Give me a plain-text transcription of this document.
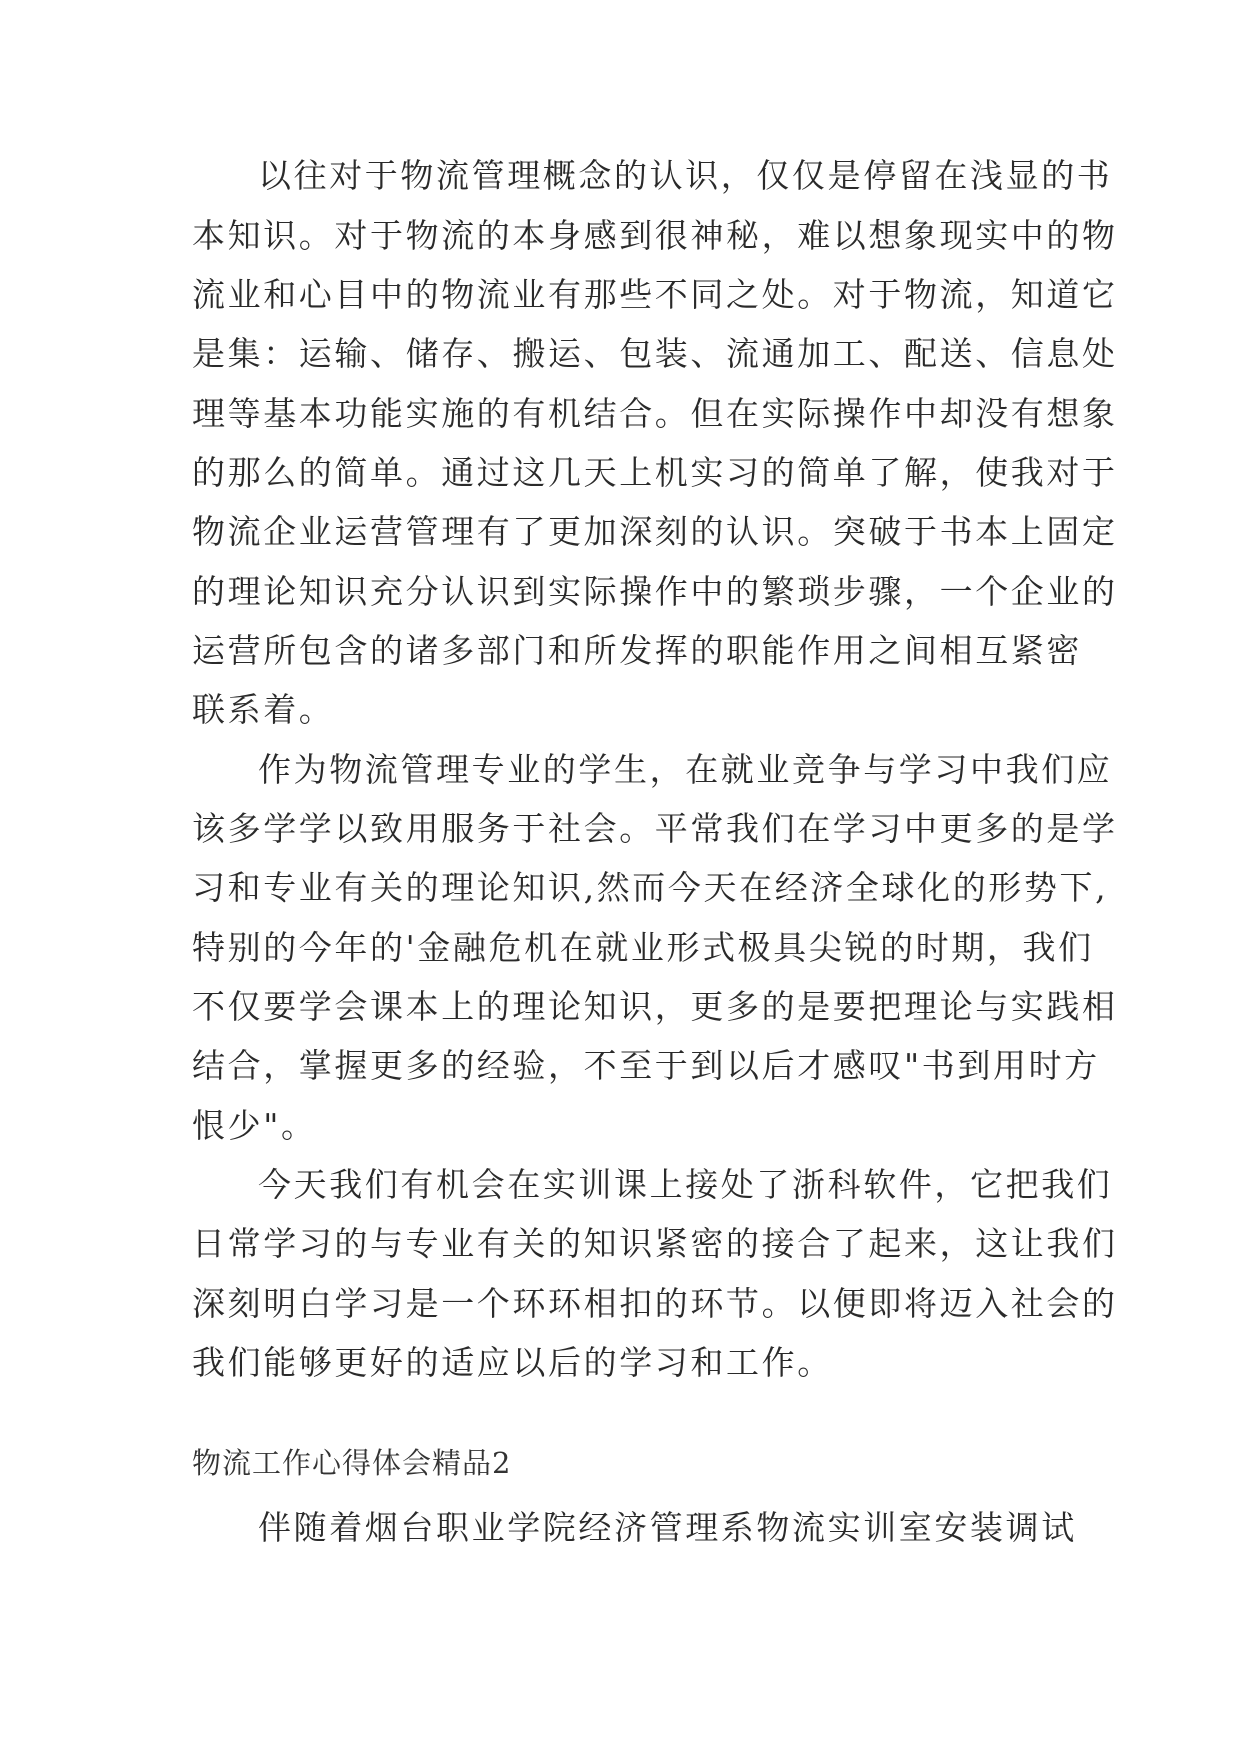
以往对于物流管理概念的认识，仅仅是停留在浅显的书
本知识。对于物流的本身感到很神秘，难以想象现实中的物
流业和心目中的物流业有那些不同之处。对于物流，知道它
是集：运输、储存、搬运、包装、流通加工、配送、信息处
理等基本功能实施的有机结合。但在实际操作中却没有想象
的那么的简单。通过这几天上机实习的简单了解，使我对于
物流企业运营管理有了更加深刻的认识。突破于书本上固定
的理论知识充分认识到实际操作中的繁琐步骤，一个企业的
运营所包含的诸多部门和所发挥的职能作用之间相互紧密
联系着。
作为物流管理专业的学生，在就业竞争与学习中我们应
该多学学以致用服务于社会。平常我们在学习中更多的是学
习和专业有关的理论知识,然而今天在经济全球化的形势下,
特别的今年的'金融危机在就业形式极具尖锐的时期，我们
不仅要学会课本上的理论知识，更多的是要把理论与实践相
结合，掌握更多的经验，不至于到以后才感叹"书到用时方
恨少"。
今天我们有机会在实训课上接处了浙科软件，它把我们
日常学习的与专业有关的知识紧密的接合了起来，这让我们
深刻明白学习是一个环环相扣的环节。以便即将迈入社会的
我们能够更好的适应以后的学习和工作。
物流工作心得体会精品2
伴随着烟台职业学院经济管理系物流实训室安装调试
